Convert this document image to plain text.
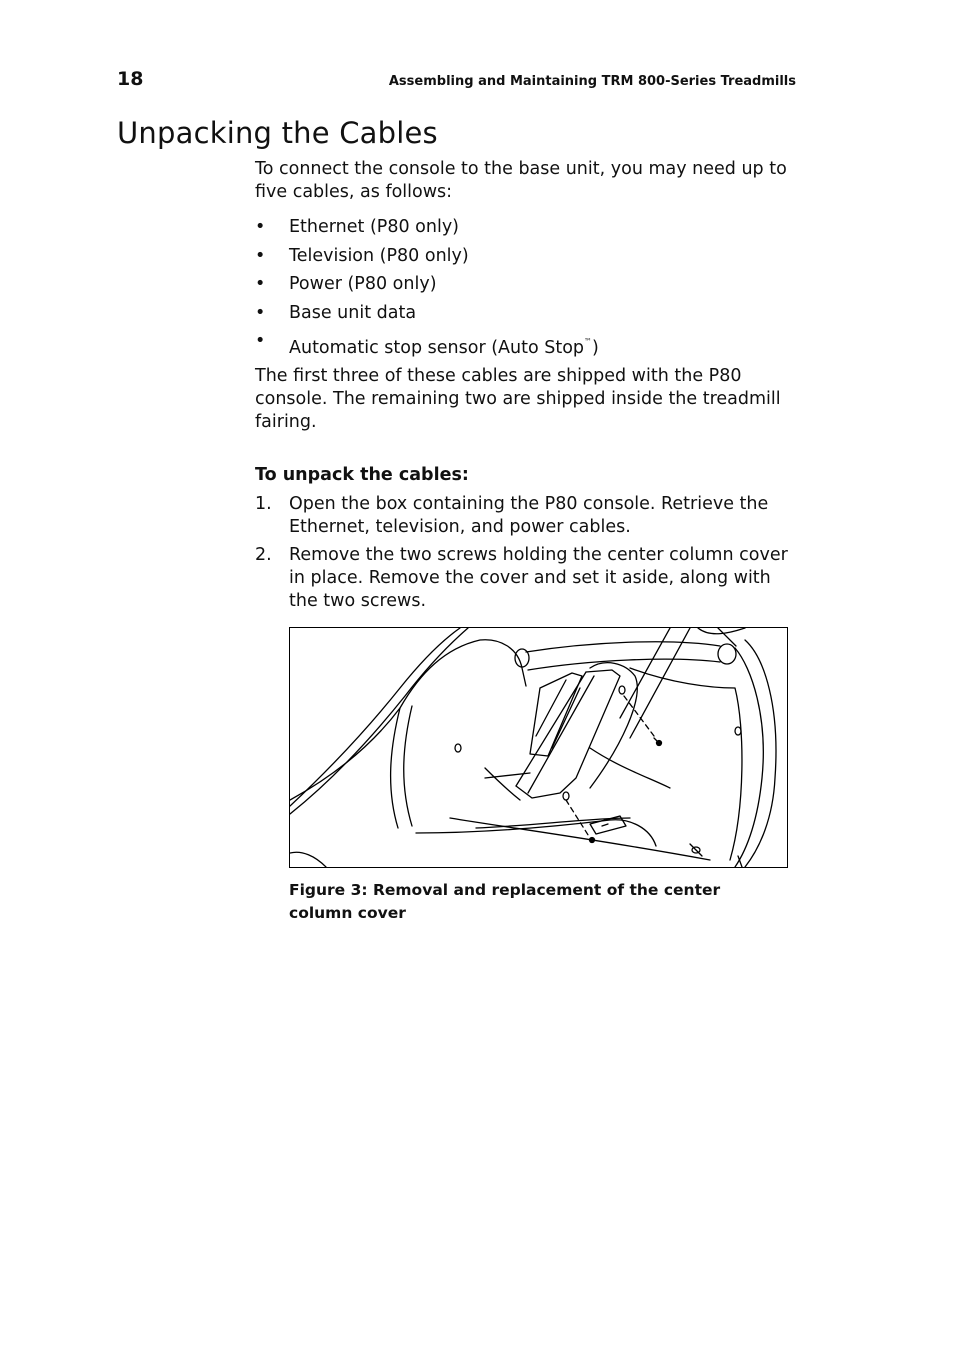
18	Assembling and Maintaining TRM 800-Series Treadmills
Unpacking the Cables

To connect the console to the base unit, you may need up to five cables, as follows:

• Ethernet (P80 only)
• Television (P80 only)
• Power (P80 only)
• Base unit data
• Automatic stop sensor (Auto Stop™)

The first three of these cables are shipped with the P80 console. The remaining two are shipped inside the treadmill fairing.

To unpack the cables:

1. Open the box containing the P80 console. Retrieve the Ethernet, television, and power cables.
2. Remove the two screws holding the center column cover in place. Remove the cover and set it aside, along with the two screws.

Figure 3: Removal and replacement of the center column cover
